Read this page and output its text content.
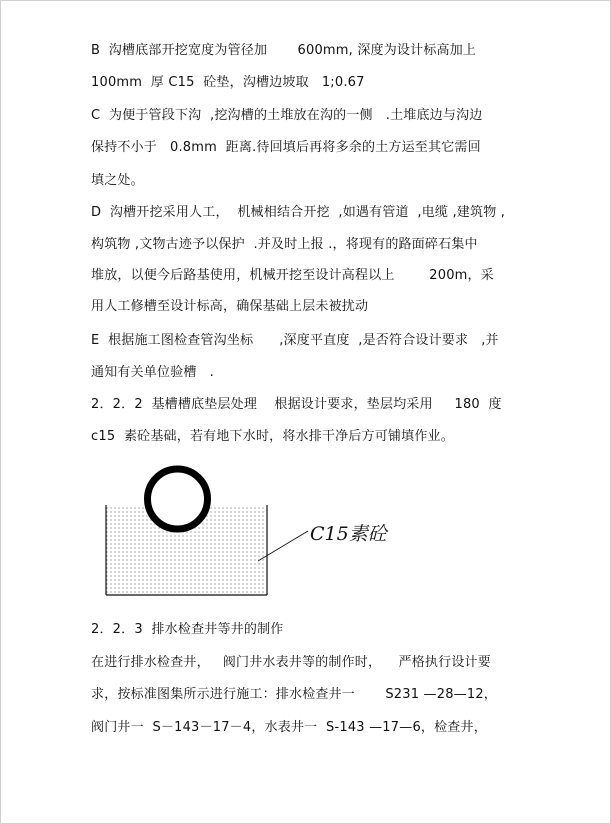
B  沟槽底部开挖宽度为管径加       600mm, 深度为设计标高加上
100mm  厚 C15  砼垫，沟槽边坡取   1;0.67
C  为便于管段下沟  ,挖沟槽的土堆放在沟的一侧   .土堆底边与沟边
保持不小于   0.8mm  距离.待回填后再将多余的土方运至其它需回
填之处。
D  沟槽开挖采用人工，  机械相结合开挖  ,如遇有管道  ,电缆 ,建筑物 ,
构筑物 ,文物古迹予以保护  .并及时上报 .，将现有的路面碎石集中
堆放，以便今后路基使用，机械开挖至设计高程以上        200m，采
用人工修槽至设计标高，确保基础上层未被扰动
E  根据施工图检查管沟坐标      ,深度平直度  ,是否符合设计要求   ,并
通知有关单位验槽   .
2．2．2  基槽槽底垫层处理    根据设计要求，垫层均采用     180  度
c15  素砼基础，若有地下水时，将水排干净后方可铺填作业。
C15素砼
2．2．3  排水检查井等井的制作
在进行排水检查井，   阀门井水表井等的制作时，    严格执行设计要
求，按标准图集所示进行施工：排水检查井一       S231 —28—12，
阀门井一  S－143－17－4，水表井一  S-143 —17—6，检查井，
